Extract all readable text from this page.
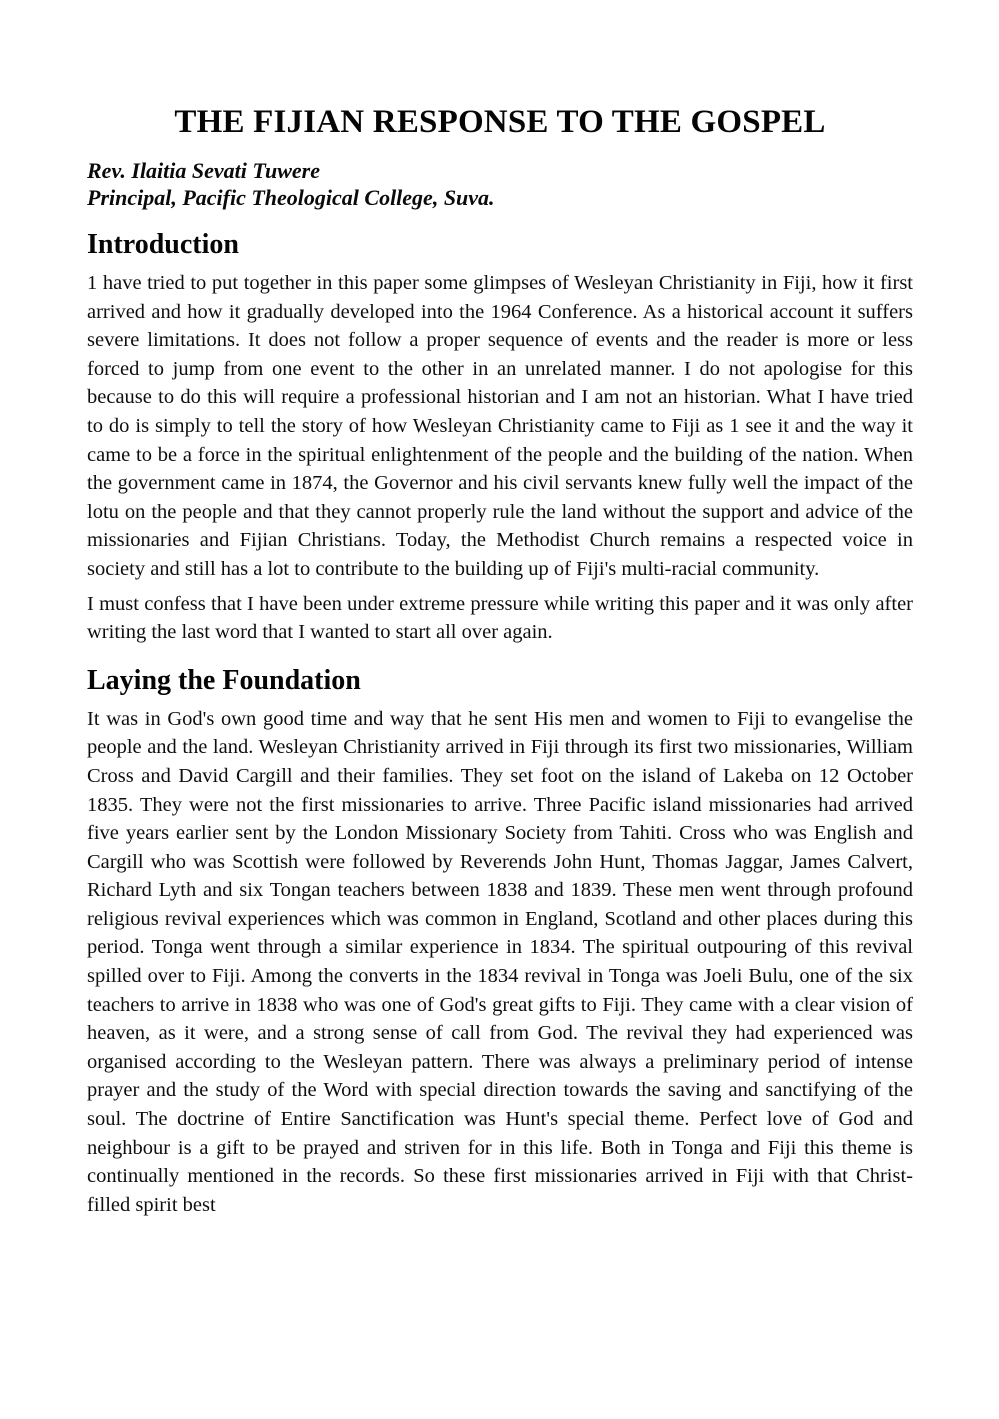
THE FIJIAN RESPONSE TO THE GOSPEL
Rev. Ilaitia Sevati Tuwere
Principal, Pacific Theological College, Suva.
Introduction

1 have tried to put together in this paper some glimpses of Wesleyan Christianity in Fiji, how it first arrived and how it gradually developed into the 1964 Conference. As a historical account it suffers severe limitations. It does not follow a proper sequence of events and the reader is more or less forced to jump from one event to the other in an unrelated manner. I do not apologise for this because to do this will require a professional historian and I am not an historian. What I have tried to do is simply to tell the story of how Wesleyan Christianity came to Fiji as 1 see it and the way it came to be a force in the spiritual enlightenment of the people and the building of the nation. When the government came in 1874, the Governor and his civil servants knew fully well the impact of the lotu on the people and that they cannot properly rule the land without the support and advice of the missionaries and Fijian Christians. Today, the Methodist Church remains a respected voice in society and still has a lot to contribute to the building up of Fiji's multi-racial community.

I must confess that I have been under extreme pressure while writing this paper and it was only after writing the last word that I wanted to start all over again.

Laying the Foundation

It was in God's own good time and way that he sent His men and women to Fiji to evangelise the people and the land. Wesleyan Christianity arrived in Fiji through its first two missionaries, William Cross and David Cargill and their families. They set foot on the island of Lakeba on 12 October 1835. They were not the first missionaries to arrive. Three Pacific island missionaries had arrived five years earlier sent by the London Missionary Society from Tahiti. Cross who was English and Cargill who was Scottish were followed by Reverends John Hunt, Thomas Jaggar, James Calvert, Richard Lyth and six Tongan teachers between 1838 and 1839. These men went through profound religious revival experiences which was common in England, Scotland and other places during this period. Tonga went through a similar experience in 1834. The spiritual outpouring of this revival spilled over to Fiji. Among the converts in the 1834 revival in Tonga was Joeli Bulu, one of the six teachers to arrive in 1838 who was one of God's great gifts to Fiji. They came with a clear vision of heaven, as it were, and a strong sense of call from God. The revival they had experienced was organised according to the Wesleyan pattern. There was always a preliminary period of intense prayer and the study of the Word with special direction towards the saving and sanctifying of the soul. The doctrine of Entire Sanctification was Hunt's special theme. Perfect love of God and neighbour is a gift to be prayed and striven for in this life. Both in Tonga and Fiji this theme is continually mentioned in the records. So these first missionaries arrived in Fiji with that Christ-filled spirit best
